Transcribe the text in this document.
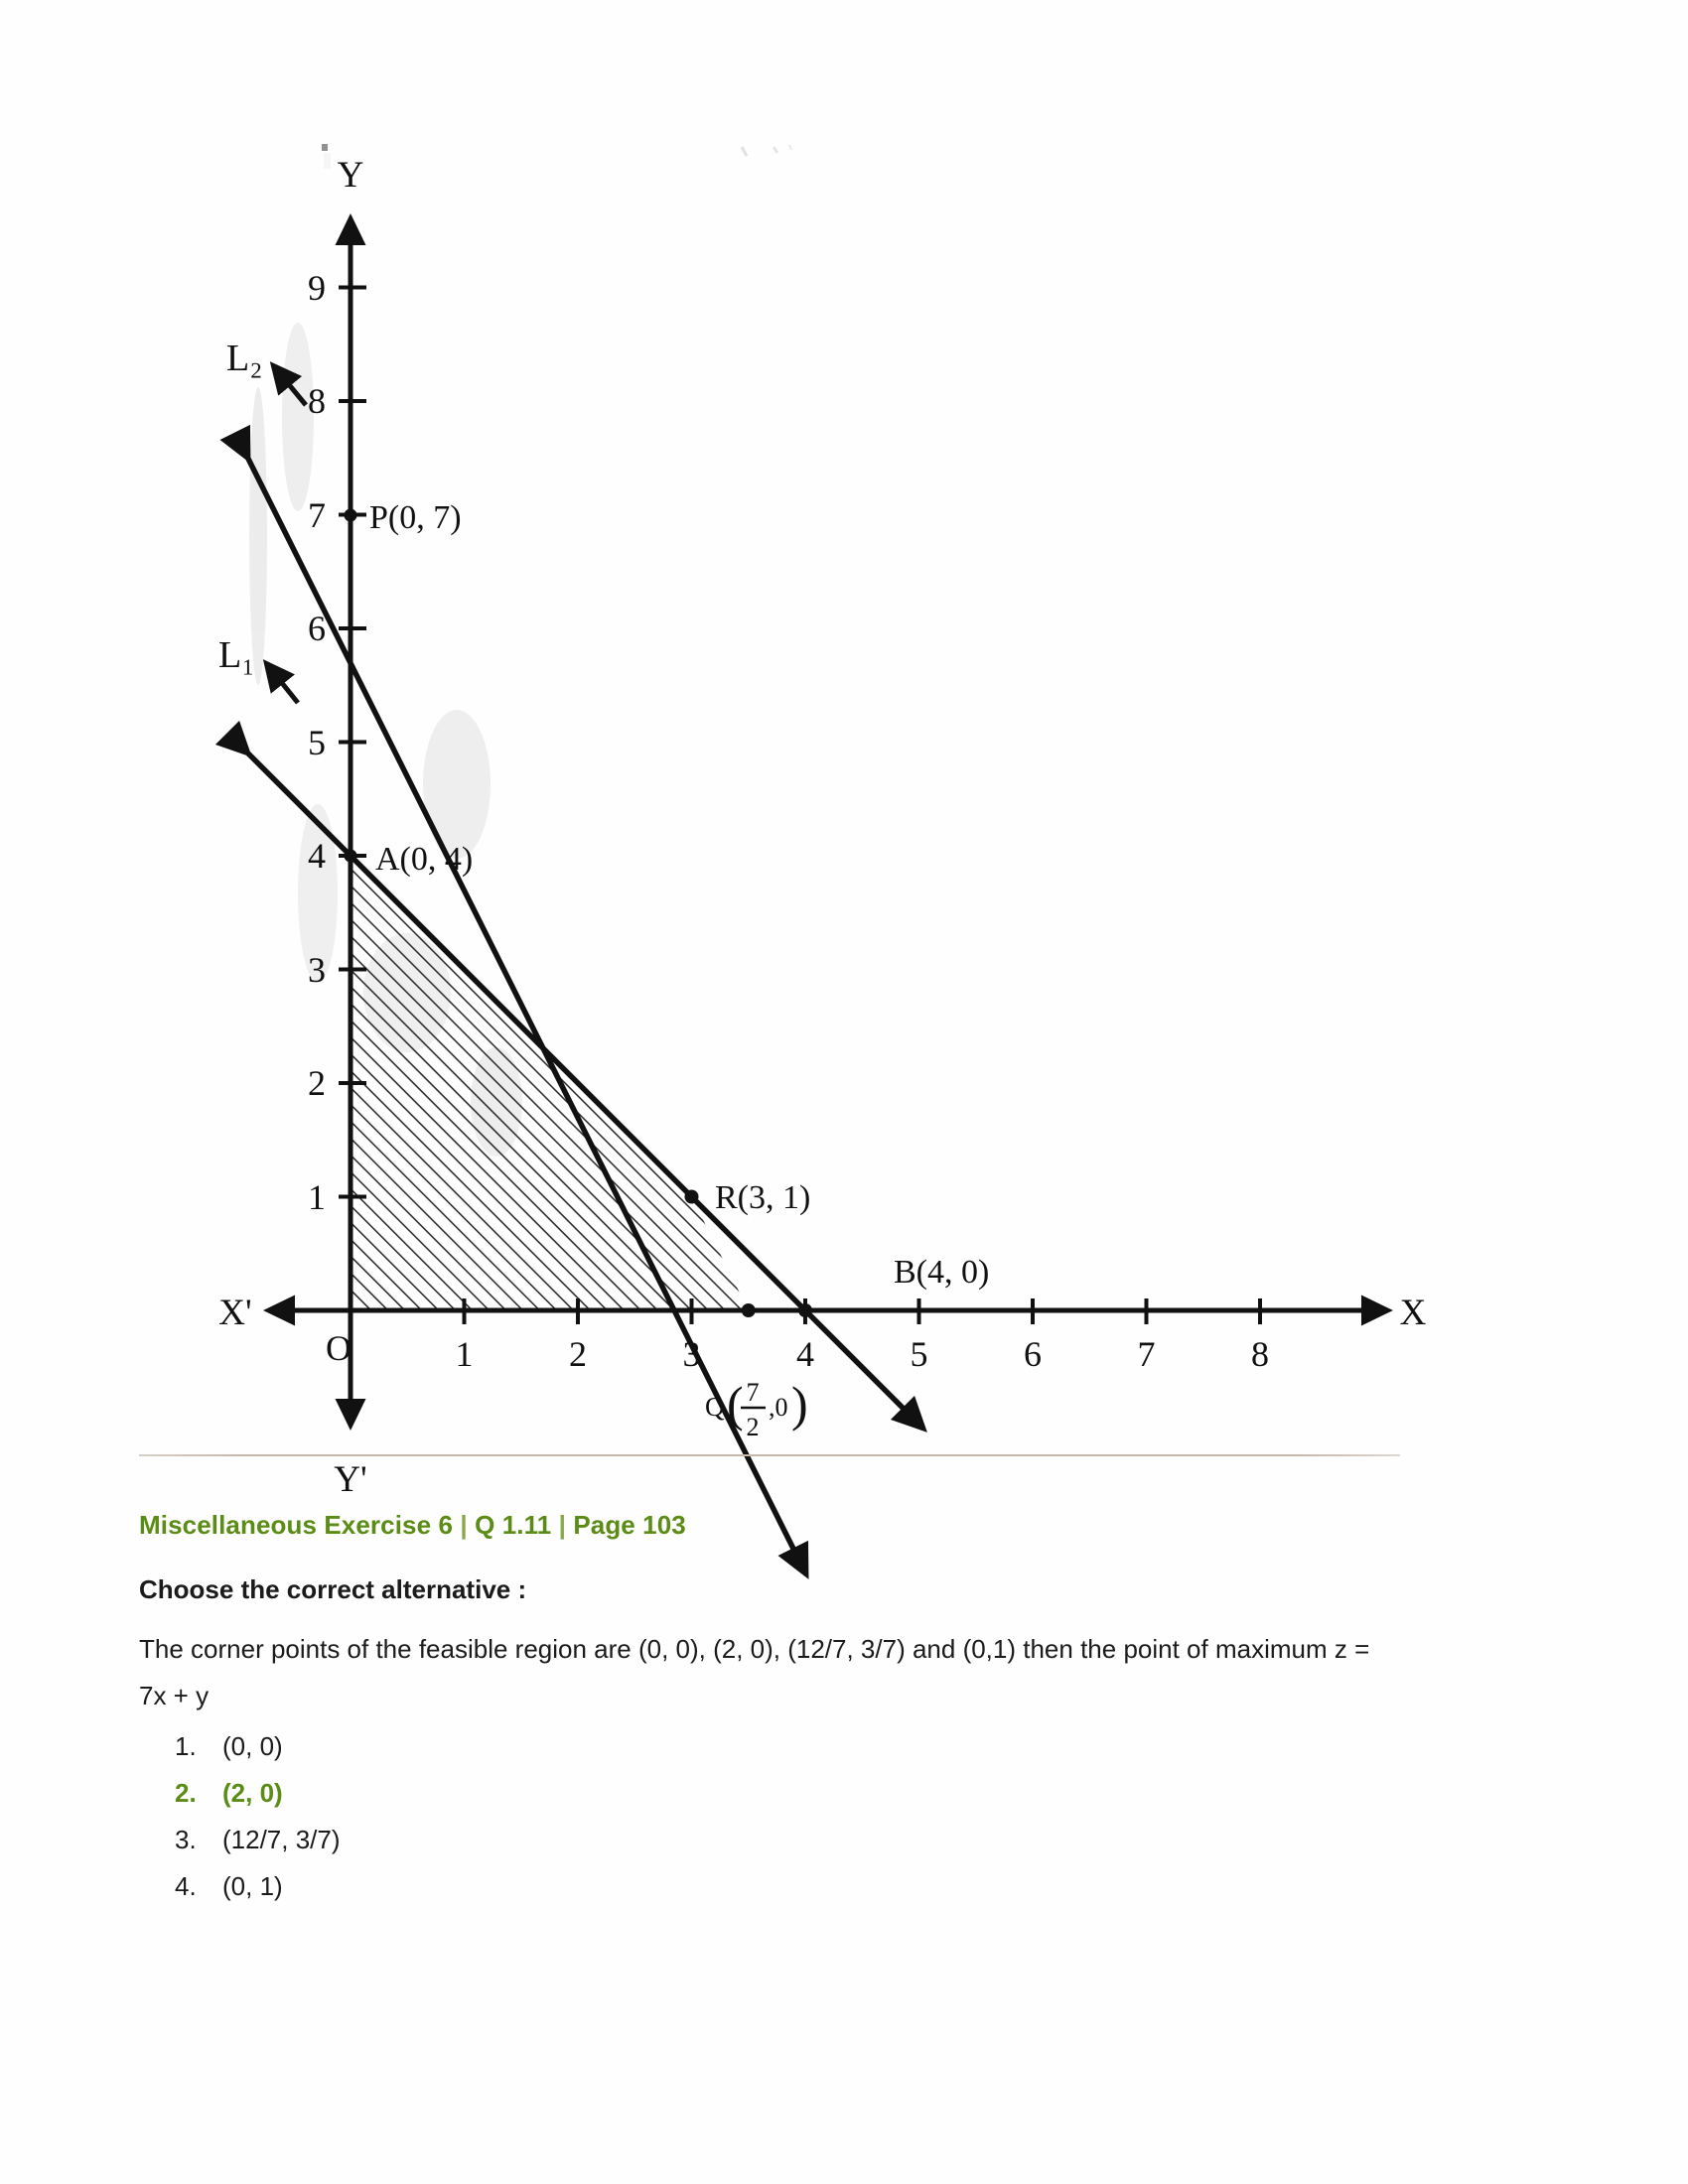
Y
Y'
X
X'
O	1	2	3	4	5	6	7	8
1
2
3
4
5
6
7
8
9
L₂
L₁
P(0, 7)
A(0, 4)
R(3, 1)
B(4, 0)
Q ( 7
2
,0 )
Miscellaneous Exercise 6 | Q 1.11 | Page 103
Choose the correct alternative :
The corner points of the feasible region are (0, 0), (2, 0), (12/7, 3/7) and (0,1) then the point of maximum z = 7x + y
1.	(0, 0)
2.	(2, 0)
3.	(12/7, 3/7)
4.	(0, 1)
